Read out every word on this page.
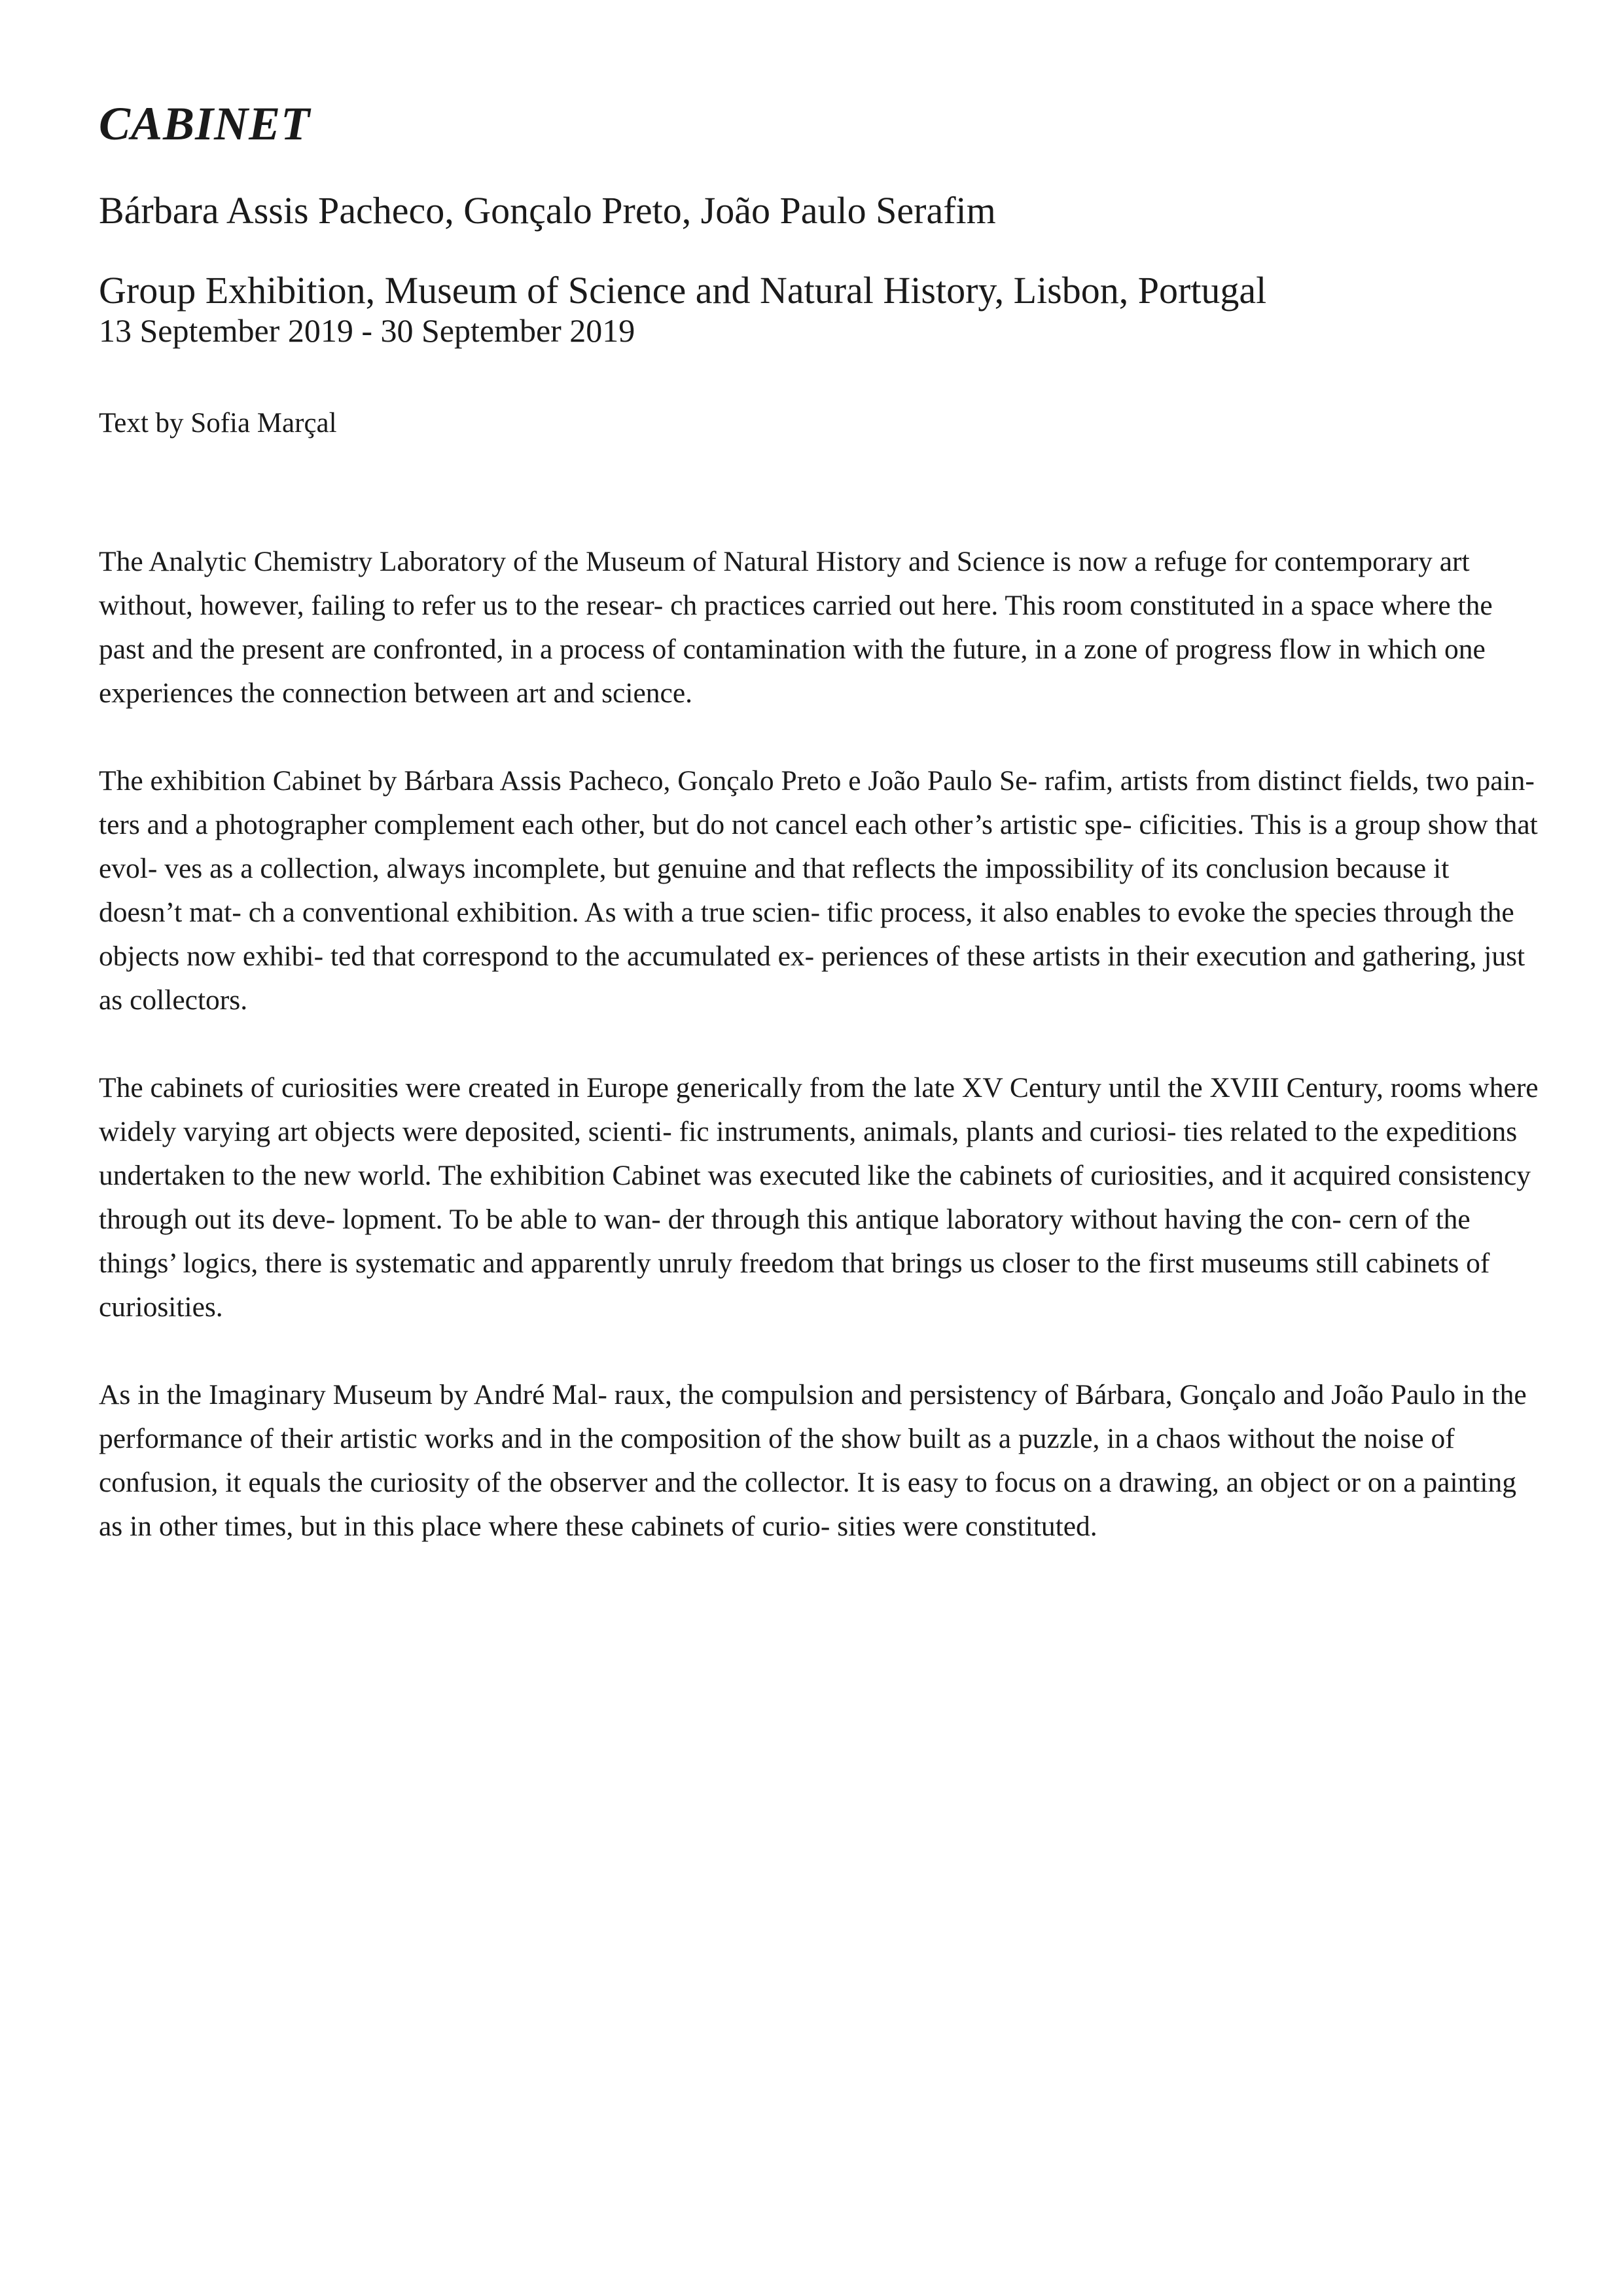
CABINET
Bárbara Assis Pacheco, Gonçalo Preto, João Paulo Serafim
Group Exhibition, Museum of Science and Natural History, Lisbon, Portugal

13 September 2019 - 30 September 2019

Text by Sofia Marçal

The Analytic Chemistry Laboratory of the Museum of Natural History and Science is now a refuge for contemporary art without, however, failing to refer us to the resear- ch practices carried out here. This room constituted in a space where the past and the present are confronted, in a process of contamination with the future, in a zone of progress flow in which one experiences the connection between art and science.

The exhibition Cabinet by Bárbara Assis Pacheco, Gonçalo Preto e João Paulo Se- rafim, artists from distinct fields, two pain- ters and a photographer complement each other, but do not cancel each other’s artistic spe- cificities. This is a group show that evol- ves as a collection, always incomplete, but genuine and that reflects the impossibility of its conclusion because it doesn’t mat- ch a conventional exhibition. As with a true scien- tific process, it also enables to evoke the species through the objects now exhibi- ted that correspond to the accumulated ex- periences of these artists in their execution and gathering, just as collectors.

The cabinets of curiosities were created in Europe generically from the late XV Century until the XVIII Century, rooms where widely varying art objects were deposited, scienti- fic instruments, animals, plants and curiosi- ties related to the expeditions undertaken to the new world. The exhibition Cabinet was executed like the cabinets of curiosities, and it acquired consistency through out its deve- lopment. To be able to wan- der through this antique laboratory without having the con- cern of the things’ logics, there is systematic and apparently unruly freedom that brings us closer to the first museums still cabinets of curiosities.

As in the Imaginary Museum by André Mal- raux, the compulsion and persistency of Bárbara, Gonçalo and João Paulo in the performance of their artistic works and in the composition of the show built as a puzzle, in a chaos without the noise of confusion, it equals the curiosity of the observer and the collector. It is easy to focus on a drawing, an object or on a painting as in other times, but in this place where these cabinets of curio- sities were constituted.
